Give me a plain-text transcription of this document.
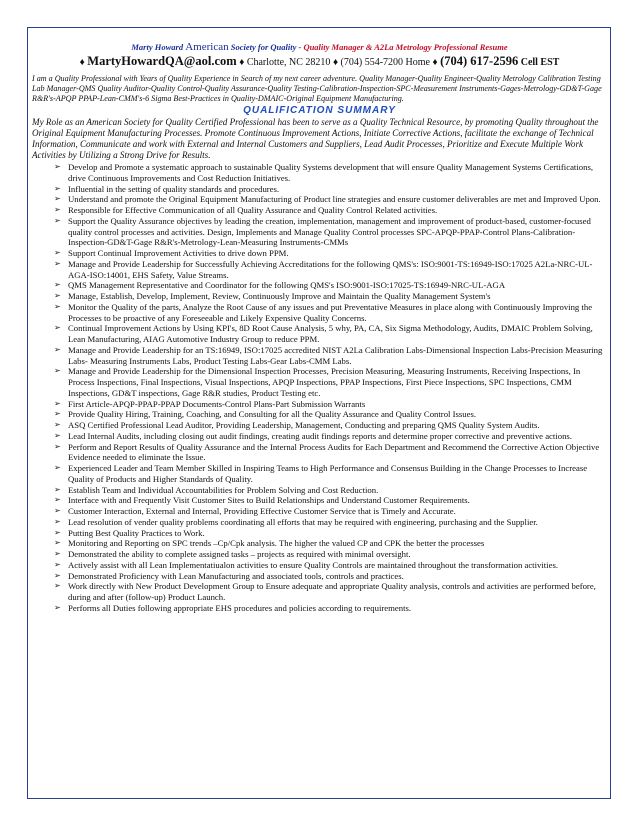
Marty Howard American Society for Quality - Quality Manager & A2La Metrology Professional Resume
♦ MartyHowardQA@aol.com ♦ Charlotte, NC 28210 ♦ (704) 554-7200 Home ♦ (704) 617-2596 Cell EST
I am a Quality Professional with Years of Quality Experience in Search of my next career adventure. Quality Manager-Quality Engineer-Quality Metrology Calibration Testing Lab Manager-QMS Quality Auditor-Quality Control-Quality Assurance-Quality Testing-Calibration-Inspection-SPC-Measurement Instruments-Gages-Metrology-GD&T-Gage R&R's-APQP PPAP-Lean-CMM's-6 Sigma Best-Practices in Quality-DMAIC-Original Equipment Manufacturing.
QUALIFICATION SUMMARY
My Role as an American Society for Quality Certified Professional has been to serve as a Quality Technical Resource, by promoting Quality throughout the Original Equipment Manufacturing Processes. Promote Continuous Improvement Actions, Initiate Corrective Actions, facilitate the exchange of Technical Information, Communicate and work with External and Internal Customers and Suppliers, Lead Audit Processes, Prioritize and Execute Multiple Work Activities by Utilizing a Strong Drive for Results.
➢ Develop and Promote a systematic approach to sustainable Quality Systems development that will ensure Quality Management Systems Certifications, drive Continuous Improvements and Cost Reduction Initiatives.
➢ Influential in the setting of quality standards and procedures.
➢ Understand and promote the Original Equipment Manufacturing of Product line strategies and ensure customer deliverables are met and Improved Upon.
➢ Responsible for Effective Communication of all Quality Assurance and Quality Control Related activities.
➢ Support the Quality Assurance objectives by leading the creation, implementation, management and improvement of product-based, customer-focused quality control processes and activities. Design, Implements and Manage Quality Control processes SPC-APQP-PPAP-Control Plans-Calibration-Inspection-GD&T-Gage R&R's-Metrology-Lean-Measuring Instruments-CMMs
➢ Support Continual Improvement Activities to drive down PPM.
➢ Manage and Provide Leadership for Successfully Achieving Accreditations for the following QMS's: ISO:9001-TS:16949-ISO:17025 A2La-NRC-UL-AGA-ISO:14001, EHS Safety, Value Streams.
➢ QMS Management Representative and Coordinator for the following QMS's ISO:9001-ISO:17025-TS:16949-NRC-UL-AGA
➢ Manage, Establish, Develop, Implement, Review, Continuously Improve and Maintain the Quality Management System's
➢ Monitor the Quality of the parts, Analyze the Root Cause of any issues and put Preventative Measures in place along with Continuously Improving the Processes to be proactive of any Foreseeable and Likely Expensive Quality Concerns.
➢ Continual Improvement Actions by Using KPI's, 8D Root Cause Analysis, 5 why, PA, CA, Six Sigma Methodology, Audits, DMAIC Problem Solving, Lean Manufacturing, AIAG Automotive Industry Group to reduce PPM.
➢ Manage and Provide Leadership for an TS:16949, ISO:17025 accredited NIST A2La Calibration Labs-Dimensional Inspection Labs-Precision Measuring Labs- Measuring Instruments Labs, Product Testing Labs-Gear Labs-CMM Labs.
➢ Manage and Provide Leadership for the Dimensional Inspection Processes, Precision Measuring, Measuring Instruments, Receiving Inspections, In Process Inspections, Final Inspections, Visual Inspections, APQP Inspections, PPAP Inspections, First Piece Inspections, SPC Inspections, CMM Inspections, GD&T inspections, Gage R&R studies, Product Testing etc.
➢ First Article-APQP-PPAP-PPAP Documents-Control Plans-Part Submission Warrants
➢ Provide Quality Hiring, Training, Coaching, and Consulting for all the Quality Assurance and Quality Control Issues.
➢ ASQ Certified Professional Lead Auditor, Providing Leadership, Management, Conducting and preparing QMS Quality System Audits.
➢ Lead Internal Audits, including closing out audit findings, creating audit findings reports and determine proper corrective and preventive actions.
➢ Perform and Report Results of Quality Assurance and the Internal Process Audits for Each Department and Recommend the Corrective Action Objective Evidence needed to eliminate the Issue.
➢ Experienced Leader and Team Member Skilled in Inspiring Teams to High Performance and Consensus Building in the Change Processes to Increase Quality of Products and Higher Standards of Quality.
➢ Establish Team and Individual Accountabilities for Problem Solving and Cost Reduction.
➢ Interface with and Frequently Visit Customer Sites to Build Relationships and Understand Customer Requirements.
➢ Customer Interaction, External and Internal, Providing Effective Customer Service that is Timely and Accurate.
➢ Lead resolution of vender quality problems coordinating all efforts that may be required with engineering, purchasing and the Supplier.
➢ Putting Best Quality Practices to Work.
➢ Monitoring and Reporting on SPC trends –Cp/Cpk analysis. The higher the valued CP and CPK the better the processes
➢ Demonstrated the ability to complete assigned tasks – projects as required with minimal oversight.
➢ Actively assist with all Lean Implementatiualon activities to ensure Quality Controls are maintained throughout the transformation activities.
➢ Demonstrated Proficiency with Lean Manufacturing and associated tools, controls and practices.
➢ Work directly with New Product Development Group to Ensure adequate and appropriate Quality analysis, controls and activities are performed before, during and after (follow-up) Product Launch.
➢ Performs all Duties following appropriate EHS procedures and policies according to requirements.
